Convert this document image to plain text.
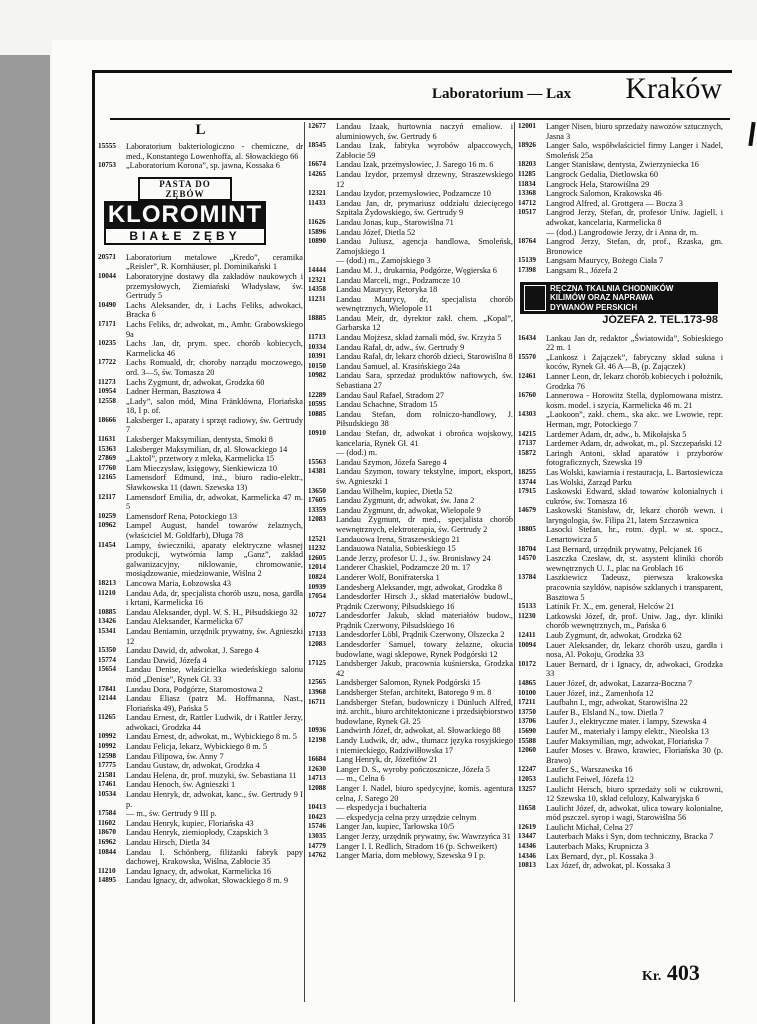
Laboratorium — Lax Kraków
L
15555	Laboratorium bakteriologiczno - chemiczne, dr med., Konstantego Lowenhoffa, al. Słowackiego 66
10753	„Laboratorium Korona”, sp. jawna, Kossaka 6
PASTA DO ZĘBÓW
KLOROMINT
BIAŁE ZĘBY
20571	Laboratorium metalowe „Kredo”, ceramika „Reisler”, R. Kornhäuser, pl. Dominikański 1
10044	Laboratoryjne dostawy dla zakładów naukowych i przemysłowych, Ziemiański Władysław, św. Gertrudy 5
10490	Lachs Aleksander, dr, i Lachs Feliks, adwokaci, Bracka 6
17171	Lachs Feliks, dr, adwokat, m., Ambr. Grabowskiego 9a
10235	Lachs Jan, dr, prym. spec. chorób kobiecych, Karmelicka 46
17722	Lachs Romuald, dr, choroby narządu moczowego, ord. 3—5, św. Tomasza 20
11273	Lachs Zygmunt, dr, adwokat, Grodzka 60
10954	Ladner Herman, Basztowa 4
12558	„Lady”, salon mód, Mina Fränklówna, Floriańska 18, I p. of.
18666	Laksberger I., aparaty i sprzęt radiowy, św. Gertrudy 7
11631	Laksberger Maksymilian, dentysta, Smoki 8
15363	Laksberger Maksymilian, dr, al. Słowackiego 14
27869	„Laktol”, przetwory z mleka, Karmelicka 15
17760	Lam Mieczysław, księgowy, Sienkiewicza 10
12165	Lamensdorf Edmund, inż., biuro radio-elektr., Sławkowska 11 (dawn. Szewska 13)
12117	Lamensdorf Emilia, dr, adwokat, Karmelicka 47 m. 5
10259	Lamensdorf Rena, Potockiego 13
10962	Lampel August, handel towarów żelaznych, (właściciel M. Goldfarb), Długa 78
11454	Lampy, świeczniki, aparaty elektryczne własnej produkcji, wytwórnia lamp „Ganz”, zakład galwanizacyjny, niklowanie, chromowanie, mosiądzowanie, miedziowanie, Wiślna 2
18213	Lancowa Maria, Łobzowska 43
11210	Landau Ada, dr, specjalista chorób uszu, nosa, gardła i krtani, Karmelicka 16
10885	Landau Aleksander, dypl. W. S. H., Piłsudskiego 32
13426	Landau Aleksander, Karmelicka 67
15341	Landau Beniamin, urzędnik prywatny, św. Agnieszki 12
15350	Landau Dawid, dr, adwokat, J. Sarego 4
15774	Landau Dawid, Józefa 4
15654	Landau Denise, właścicielka wiedeńskiego salonu mód „Denise”, Rynek Gł. 33
17841	Landau Dora, Podgórze, Staromostowa 2
12144	Landau Eliasz (patrz M. Hoffmanna, Nast., Floriańska 49), Pańska 5
11265	Landau Ernest, dr, Rattler Ludwik, dr i Rattler Jerzy, adwokaci, Grodzka 44
10992	Landau Ernest, dr, adwokat, m., Wybickiego 8 m. 5
10992	Landau Felicja, lekarz, Wybickiego 8 m. 5
12598	Landau Filipowa, św. Anny 7
17775	Landau Gustaw, dr, adwokat, Grodzka 4
21581	Landau Helena, dr, prof. muzyki, św. Sebastiana 11
17461	Landau Henoch, św. Agnieszki 1
10534	Landau Henryk, dr, adwokat, kanc., św. Gertrudy 9 I p.
17584	— m., św. Gertrudy 9 III p.
11602	Landau Henryk, kupiec, Floriańska 43
18670	Landau Henryk, ziemiopłody, Czapskich 3
16962	Landau Hirsch, Dietla 34
10844	Landau I. Schönberg, filiżanki fabryk papy dachowej, Krakowska, Wiślna, Zabłocie 35
11210	Landau Ignacy, dr, adwokat, Karmelicka 16
14895	Landau Ignacy, dr, adwokat, Słowackiego 8 m. 9
12677	Landau Izaak, hurtownia naczyń emaliow. i aluminiowych, św. Gertrudy 6
18545	Landau Izak, fabryka wyrobów alpaccowych, Zabłocie 59
16674	Landau Izak, przemysłowiec, J. Sarego 16 m. 6
14265	Landau Izydor, przemysł drzewny, Straszewskiego 12
12321	Landau Izydor, przemysłowiec, Podzamcze 10
11433	Landau Jan, dr, prymariusz oddziału dziecięcego Szpitala Żydowskiego, św. Gertrudy 9
11626	Landau Jonas, kup., Starowiślna 71
15896	Landau Józef, Dietla 52
10890	Landau Juliusz, agencja handlowa, Smoleńsk, Zamojskiego 1
— (dod.) m., Zamojskiego 3
14444	Landau M. J., drukarnia, Podgórze, Węgierska 6
12321	Landau Marceli, mgr., Podzamcze 10
14358	Landau Maurycy, Retoryka 18
11231	Landau Maurycy, dr, specjalista chorób wewnętrznych, Wielopole 11
18885	Landau Meir, dr, dyrektor zakł. chem. „Kopal”, Garbarska 12
11713	Landau Mojżesz, skład żarnali mód, św. Krzyża 5
10334	Landau Rafał, dr, adw., św. Gertrudy 9
10391	Landau Rafał, dr, lekarz chorób dzieci, Starowiślna 8
10150	Landau Samuel, al. Krasińskiego 24a
10982	Landau Sara, sprzedaż produktów naftowych, św. Sebastiana 27
12289	Landau Saul Rafael, Stradom 27
10595	Landau Schachne, Stradom 15
10885	Landau Stefan, dom rolniczo-handlowy, J. Piłsudskiego 38
10910	Landau Stefan, dr, adwokat i obrońca wojskowy, kancelaria, Rynek Gł. 41
— (dod.) m.
15563	Landau Szymon, Józefa Sarego 4
14381	Landau Szymon, towary tekstylne, import, eksport, św. Agnieszki 1
13650	Landau Wilhelm, kupiec, Dietla 52
17605	Landau Zygmunt, dr, adwokat, św. Jana 2
13359	Landau Zygmunt, dr, adwokat, Wielopole 9
12083	Landau Zygmunt, dr med., specjalista chorób wewnętrznych, elektroterapia, św. Gertrudy 2
12521	Landauowa Irena, Straszewskiego 21
11232	Landauowa Natalia, Sobieskiego 15
12605	Lande Jerzy, profesor U. J., św. Bronisławy 24
12014	Landerer Chaskiel, Podzamcze 20 m. 17
10824	Landerer Wolf, Bonifraterska 1
10939	Landesberg Aleksander, mgr, adwokat, Grodzka 8
17054	Landesdorfer Hirsch J., skład materiałów budowl., Prądnik Czerwony, Piłsudskiego 16
10727	Landesdorfer Jakub, skład materiałów budow., Prądnik Czerwony, Piłsudskiego 16
17133	Landesdorfer Löbl, Prądnik Czerwony, Olszecka 2
12083	Landesdorfer Samuel, towary żelazne, okucia budowlane, wagi sklepowe, Rynek Podgórski 12
17125	Landsberger Jakub, pracownia kuśnierska, Grodzka 42
12565	Landsberger Salomon, Rynek Podgórski 15
13968	Landsberger Stefan, architekt, Batorego 9 m. 8
16711	Landsberger Stefan, budowniczy i Dünluch Alfred, inż. archit., biuro architektoniczne i przedsiębiorstwo budowlane, Rynek Gł. 25
10936	Landwirth Józef, dr, adwokat, al. Słowackiego 88
12198	Landy Ludwik, dr, adw., tłumacz języka rosyjskiego i niemieckiego, Radziwiłłowska 17
16684	Lang Henryk, dr, Józefitów 21
12630	Langer D. S., wyroby pończosznicze, Józefa 5
14713	— m., Celna 6
12088	Langer I. Nadel, biuro spedycyjne, komis. agentura celna, J. Sarego 20
10413	— ekspedycja i buchalteria
10423	— ekspedycja celna przy urzędzie celnym
15746	Langer Jan, kupiec, Tarłowska 10/5
13035	Langer Jerzy, urzędnik prywatny, św. Wawrzyńca 31
14779	Langer I. I. Redlich, Stradom 16 (p. Schweikert)
14762	Langer Maria, dom mebłowy, Szewska 9 I p.
12001	Langer Nisen, biuro sprzedaży nawozów sztucznych, Jasna 3
18926	Langer Salo, współwłaściciel firmy Langer i Nadel, Smoleńsk 25a
18203	Langer Stanisław, dentysta, Zwierzyniecka 16
11285	Langrock Gedalia, Dietlowska 60
11834	Langrock Hela, Starowiślna 29
13368	Langrock Salomon, Krakowska 46
14712	Langrod Alfred, al. Grottgera — Bocza 3
10517	Langrod Jerzy, Stefan, dr, profesor Uniw. Jagiell. i adwokat, kancelaria, Karmelicka 8
— (dod.) Langrodowie Jerzy, dr i Anna dr, m.
18764	Langrod Jerzy, Stefan, dr, prof., Rzaska, gm. Bronowice
15139	Langsam Maurycy, Bożego Ciała 7
17398	Langsam R., Józefa 2
RĘCZNA TKALNIA CHODNIKÓW
KILIMÓW ORAZ NAPRAWA
DYWANÓW PERSKICH
JÓZEFA 2. TEL.173-98
16434	Lankau Jan dr, redaktor „Światowida”, Sobieskiego 22 m. 1
15570	„Lankosz i Zajączek”, fabryczny skład sukna i koców, Rynek Gł. 46 A—B, (p. Zajączek)
12461	Lanner Leon, dr, lekarz chorób kobiecych i położnik, Grodzka 76
16760	Lannerowa - Horowitz Stella, dyplomowana mistrz. kosm. model. i szycia, Karmelicka 46 m. 21
14303	„Laokoon”, zakł. chem., ska akc. we Lwowie, repr. Herman, mgr, Potockiego 7
14215	Lardemer Adam, dr, adw., b. Mikołajska 5
17137	Lardemer Adam, dr, adwokat, m., pl. Szczepański 12
15872	Laringh Antoni, skład aparatów i przyborów fotograficznych, Szewska 19
18255	Las Wolski, kawiarnia i restauracja, L. Bartosiewicza
13744	Las Wolski, Zarząd Parku
17915	Laskowski Edward, skład towarów kolonialnych i cukrów, św. Tomasza 16
14679	Laskowski Stanisław, dr, lekarz chorób wewn. i laryngologia, św. Filipa 21, latem Szczawnica
18805	Lasocki Stefan, hr., rotm. dypl. w st. spocz., Lenartowicza 5
18704	Last Bernard, urzędnik prywatny, Pełcjanek 16
14570	Laszczka Czesław, dr, st. asystent kliniki chorób wewnętrznych U. J., plac na Groblach 16
13784	Laszkiewicz Tadeusz, pierwsza krakowska pracownia szyldów, napisów szklanych i transparent, Basztowa 5
15133	Latinik Fr. X., em. generał, Helców 21
11230	Latkowski Józef, dr, prof. Uniw. Jag., dyr. kliniki chorób wewnętrznych, m., Pańska 6
12411	Laub Zygmunt, dr, adwokat, Grodzka 62
10094	Lauer Aleksander, dr, lekarz chorób uszu, gardła i nosa, Al. Pokoju, Grodzka 33
10172	Lauer Bernard, dr i Ignacy, dr, adwokaci, Grodzka 33
14865	Lauer Józef, dr, adwokat, Lazarza-Boczna 7
10100	Lauer Józef, inż., Zamenhofa 12
17211	Laufbahn I., mgr, adwokat, Starowiślna 22
13750	Laufer B., Elsland N., tow. Dietla 7
13706	Laufer J., elektryczne mater. i lampy, Szewska 4
15690	Laufer M., materiały i lampy elektr., Nieolska 13
15588	Laufer Maksymilian, mgr, adwokat, Floriańska 7
12060	Laufer Moses v. Brawo, krawiec, Floriańska 30 (p. Brawo)
12247	Laufer S., Warszawska 16
12053	Laulicht Feiwel, Józefa 12
13257	Laulicht Hersch, biuro sprzedaży soli w cukrowni, 12 Szewska 10, skład celulozy, Kalwaryjska 6
11658	Laulicht Józef, dr, adwokat, ulica towary kolonialne, mód pszczel. syrop i wagi, Starowiślna 56
12619	Laulicht Michał, Celna 27
13447	Lauterbach Maks i Syn, dom techniczny, Bracka 7
14346	Lauterbach Maks, Krupnicza 3
14346	Lax Bernard, dyr., pl. Kossaka 3
10813	Lax Józef, dr, adwokat, pl. Kossaka 3
Kr. 403
